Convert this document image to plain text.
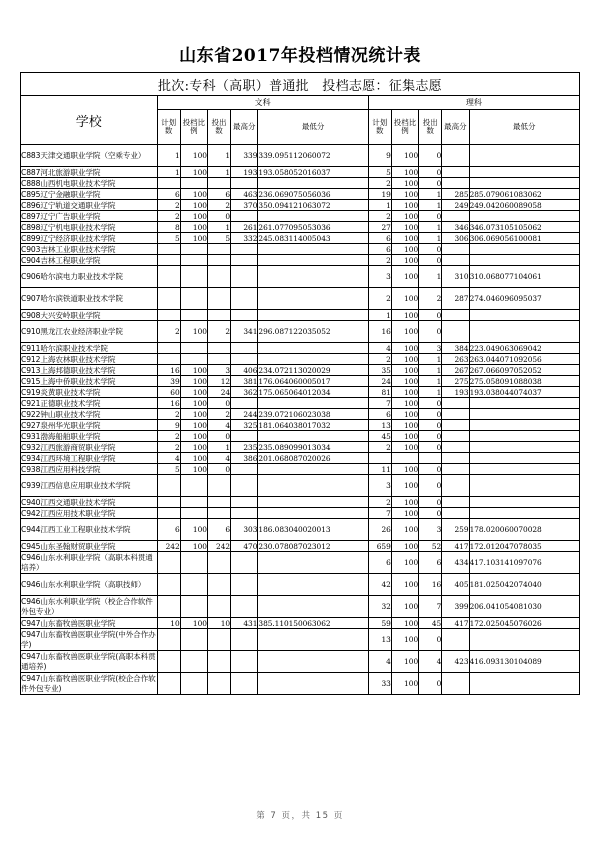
山东省2017年投档情况统计表
批次:专科（高职）普通批　投档志愿：征集志愿										
学校	文科					理科				
	计划数	投档比例	投出数	最高分	最低分	计划数	投档比例	投出数	最高分	最低分
C883天津交通职业学院（空乘专业）	1	100	1	339	339.095112060072	9	100	0		
C887河北旅游职业学院	1	100	1	193	193.058052016037	5	100	0		
C888山西机电职业技术学院						2	100	0		
C895辽宁金融职业学院	6	100	6	463	236.069075056036	19	100	1	285	285.079061083062
C896辽宁轨道交通职业学院	2	100	2	370	350.094121063072	1	100	1	249	249.042060089058
C897辽宁广告职业学院	2	100	0			2	100	0		
C898辽宁机电职业技术学院	8	100	1	261	261.077095053036	27	100	1	346	346.073105105062
C899辽宁经济职业技术学院	5	100	5	332	245.083114005043	6	100	1	306	306.069056100081
C903吉林工业职业技术学院						6	100	0		
C904吉林工程职业学院						2	100	0		
C906哈尔滨电力职业技术学院						3	100	1	310	310.068077104061
C907哈尔滨铁道职业技术学院						2	100	2	287	274.046096095037
C908大兴安岭职业学院						1	100	0		
C910黑龙江农业经济职业学院	2	100	2	341	296.087122035052	16	100	0		
C911哈尔滨职业技术学院						4	100	3	384	223.049063069042
C912上海农林职业技术学院						2	100	1	263	263.044071092056
C913上海邦德职业技术学院	16	100	3	406	234.072113020029	35	100	1	267	267.066097052052
C915上海中侨职业技术学院	39	100	12	381	176.064060005017	24	100	1	275	275.058091088038
C919炎黄职业技术学院	60	100	24	362	175.065064012034	81	100	1	193	193.038044074037
C921正德职业技术学院	16	100	0			7	100	0		
C922钟山职业技术学院	2	100	2	244	239.072106023038	6	100	0		
C927泉州华光职业学院	9	100	4	325	181.064038017032	13	100	0		
C931渤海船舶职业学院	2	100	0			45	100	0		
C932江西旅游商贸职业学院	2	100	1	235	235.089099013034	2	100	0		
C934江西环境工程职业学院	4	100	4	386	201.068087020026					
C938江西应用科技学院	5	100	0			11	100	0		
C939江西信息应用职业技术学院						3	100	0		
C940江西交通职业技术学院						2	100	0		
C942江西应用技术职业学院						7	100	0		
C944江西工业工程职业技术学院	6	100	6	303	186.083040020013	26	100	3	259	178.020060070028
C945山东圣翰财贸职业学院	242	100	242	470	230.078087023012	659	100	52	417	172.012047078035
C946山东水利职业学院（高职本科贯通培养）						6	100	6	434	417.103141097076
C946山东水利职业学院（高职技师）						42	100	16	405	181.025042074040
C946山东水利职业学院（校企合作软件外包专业）						32	100	7	399	206.041054081030
C947山东畜牧兽医职业学院	10	100	10	431	385.110150063062	59	100	45	417	172.025045076026
C947山东畜牧兽医职业学院(中外合作办学)						13	100	0		
C947山东畜牧兽医职业学院(高职本科贯通培养)						4	100	4	423	416.093130104089
C947山东畜牧兽医职业学院(校企合作软件外包专业)						33	100	0		
第 7 页，共 15 页
